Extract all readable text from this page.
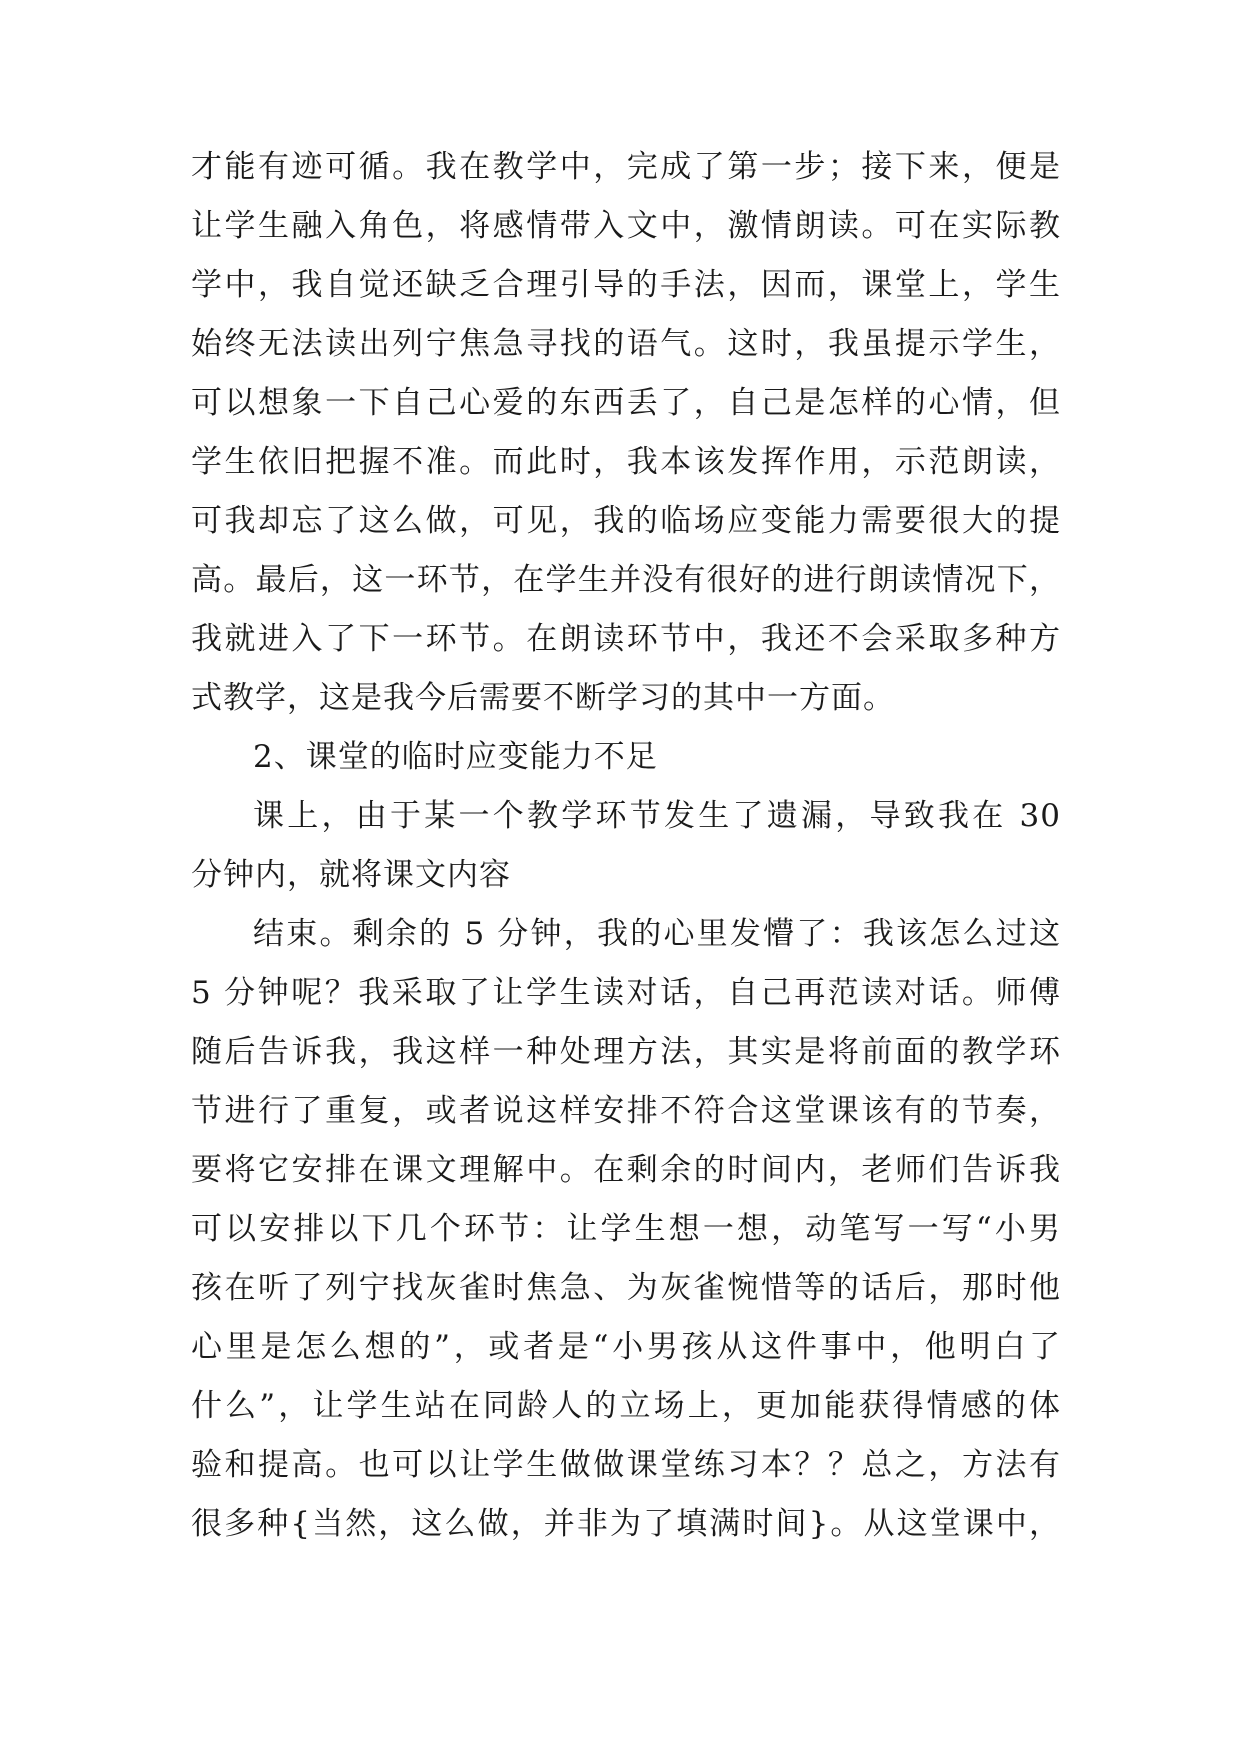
才能有迹可循。我在教学中，完成了第一步；接下来，便是
让学生融入角色，将感情带入文中，激情朗读。可在实际教
学中，我自觉还缺乏合理引导的手法，因而，课堂上，学生
始终无法读出列宁焦急寻找的语气。这时，我虽提示学生，
可以想象一下自己心爱的东西丢了，自己是怎样的心情，但
学生依旧把握不准。而此时，我本该发挥作用，示范朗读，
可我却忘了这么做，可见，我的临场应变能力需要很大的提
高。最后，这一环节，在学生并没有很好的进行朗读情况下，
我就进入了下一环节。在朗读环节中，我还不会采取多种方
式教学，这是我今后需要不断学习的其中一方面。
2、课堂的临时应变能力不足
课上，由于某一个教学环节发生了遗漏，导致我在 30
分钟内，就将课文内容
结束。剩余的 5 分钟，我的心里发懵了：我该怎么过这
5 分钟呢？我采取了让学生读对话，自己再范读对话。师傅
随后告诉我，我这样一种处理方法，其实是将前面的教学环
节进行了重复，或者说这样安排不符合这堂课该有的节奏，
要将它安排在课文理解中。在剩余的时间内，老师们告诉我
可以安排以下几个环节：让学生想一想，动笔写一写“小男
孩在听了列宁找灰雀时焦急、为灰雀惋惜等的话后，那时他
心里是怎么想的”，或者是“小男孩从这件事中，他明白了
什么”，让学生站在同龄人的立场上，更加能获得情感的体
验和提高。也可以让学生做做课堂练习本？？总之，方法有
很多种{当然，这么做，并非为了填满时间}。从这堂课中，
